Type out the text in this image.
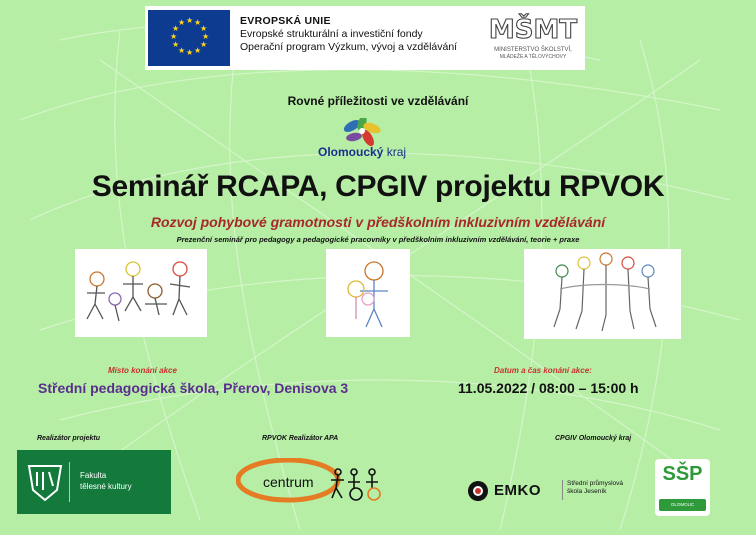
★ ★
★
★
★
★
★
★
★
★
★
★	EVROPSKÁ UNIE
Evropské strukturální a investiční fondy
Operační program Výzkum, vývoj a vzdělávání
MŠMT
MINISTERSTVO ŠKOLSTVÍ,
MLÁDEŽE A TĚLOVÝCHOVY
Rovné příležitosti ve vzdělávání
Olomoucký kraj
Seminář RCAPA, CPGIV projektu RPVOK
Rozvoj pohybové gramotnosti v předškolním inkluzivním vzdělávání
Prezenční seminář pro pedagogy a pedagogické pracovníky v předškolním inkluzivním vzdělávání, teorie + praxe
Místo konání akce	Datum a čas konání akce:
Střední pedagogická škola, Přerov, Denisova 3	11.05.2022 / 08:00 – 15:00 h
Realizátor projektu	RPVOK Realizátor APA	CPGIV Olomoucký kraj
Fakulta
tělesné kultury	centrum	EMKO	Střední průmyslová
škola Jeseník
SŠP
OLOMOUC
